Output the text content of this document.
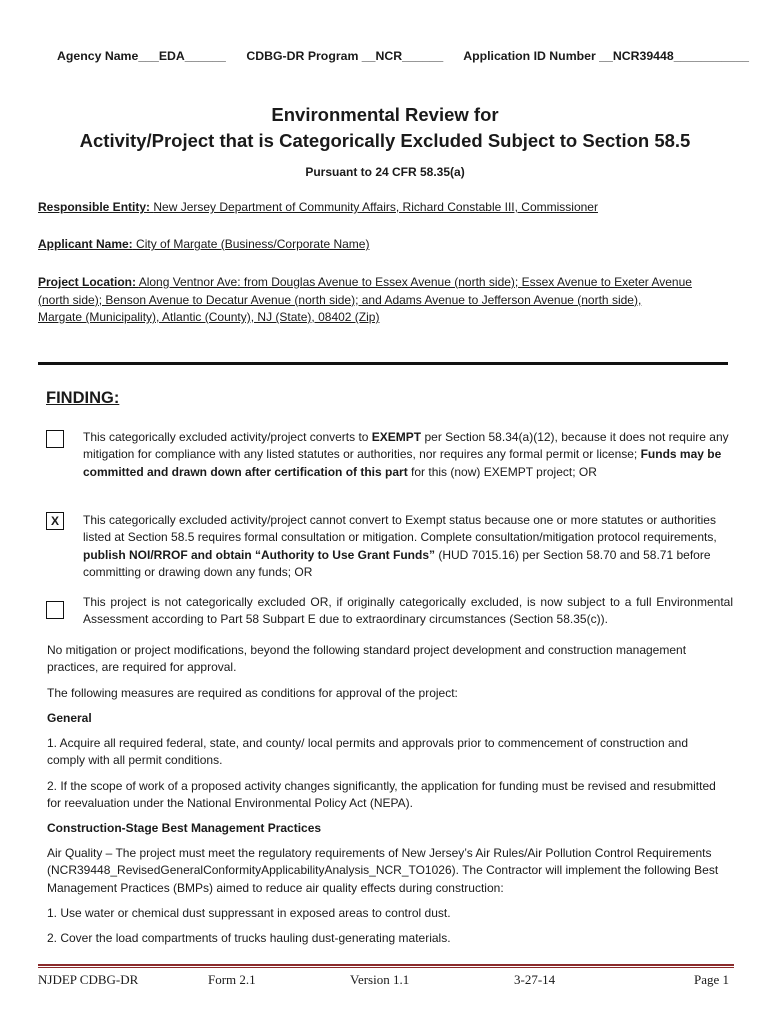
Agency Name___EDA______ CDBG-DR Program __NCR______ Application ID Number __NCR39448___________
Environmental Review for
Activity/Project that is Categorically Excluded Subject to Section 58.5
Pursuant to 24 CFR 58.35(a)
Responsible Entity: New Jersey Department of Community Affairs, Richard Constable III, Commissioner
Applicant Name: City of Margate (Business/Corporate Name)
Project Location: Along Ventnor Ave: from Douglas Avenue to Essex Avenue (north side); Essex Avenue to Exeter Avenue
(north side); Benson Avenue to Decatur Avenue (north side); and Adams Avenue to Jefferson Avenue (north side),
Margate (Municipality), Atlantic (County), NJ (State), 08402 (Zip)
FINDING:
This categorically excluded activity/project converts to EXEMPT per Section 58.34(a)(12), because it does not require any mitigation for compliance with any listed statutes or authorities, nor requires any formal permit or license; Funds may be committed and drawn down after certification of this part for this (now) EXEMPT project; OR
X	This categorically excluded activity/project cannot convert to Exempt status because one or more statutes or authorities listed at Section 58.5 requires formal consultation or mitigation. Complete consultation/mitigation protocol requirements, publish NOI/RROF and obtain “Authority to Use Grant Funds” (HUD 7015.16) per Section 58.70 and 58.71 before committing or drawing down any funds; OR
This project is not categorically excluded OR, if originally categorically excluded, is now subject to a full Environmental Assessment according to Part 58 Subpart E due to extraordinary circumstances (Section 58.35(c)).
No mitigation or project modifications, beyond the following standard project development and construction management practices, are required for approval.
The following measures are required as conditions for approval of the project:
General
1. Acquire all required federal, state, and county/ local permits and approvals prior to commencement of construction and comply with all permit conditions.
2. If the scope of work of a proposed activity changes significantly, the application for funding must be revised and resubmitted for reevaluation under the National Environmental Policy Act (NEPA).
Construction-Stage Best Management Practices
Air Quality – The project must meet the regulatory requirements of New Jersey’s Air Rules/Air Pollution Control Requirements (NCR39448_RevisedGeneralConformityApplicabilityAnalysis_NCR_TO1026). The Contractor will implement the following Best Management Practices (BMPs) aimed to reduce air quality effects during construction:
1. Use water or chemical dust suppressant in exposed areas to control dust.
2. Cover the load compartments of trucks hauling dust-generating materials.
NJDEP CDBG-DR	Form 2.1	Version 1.1	3-27-14	Page 1
